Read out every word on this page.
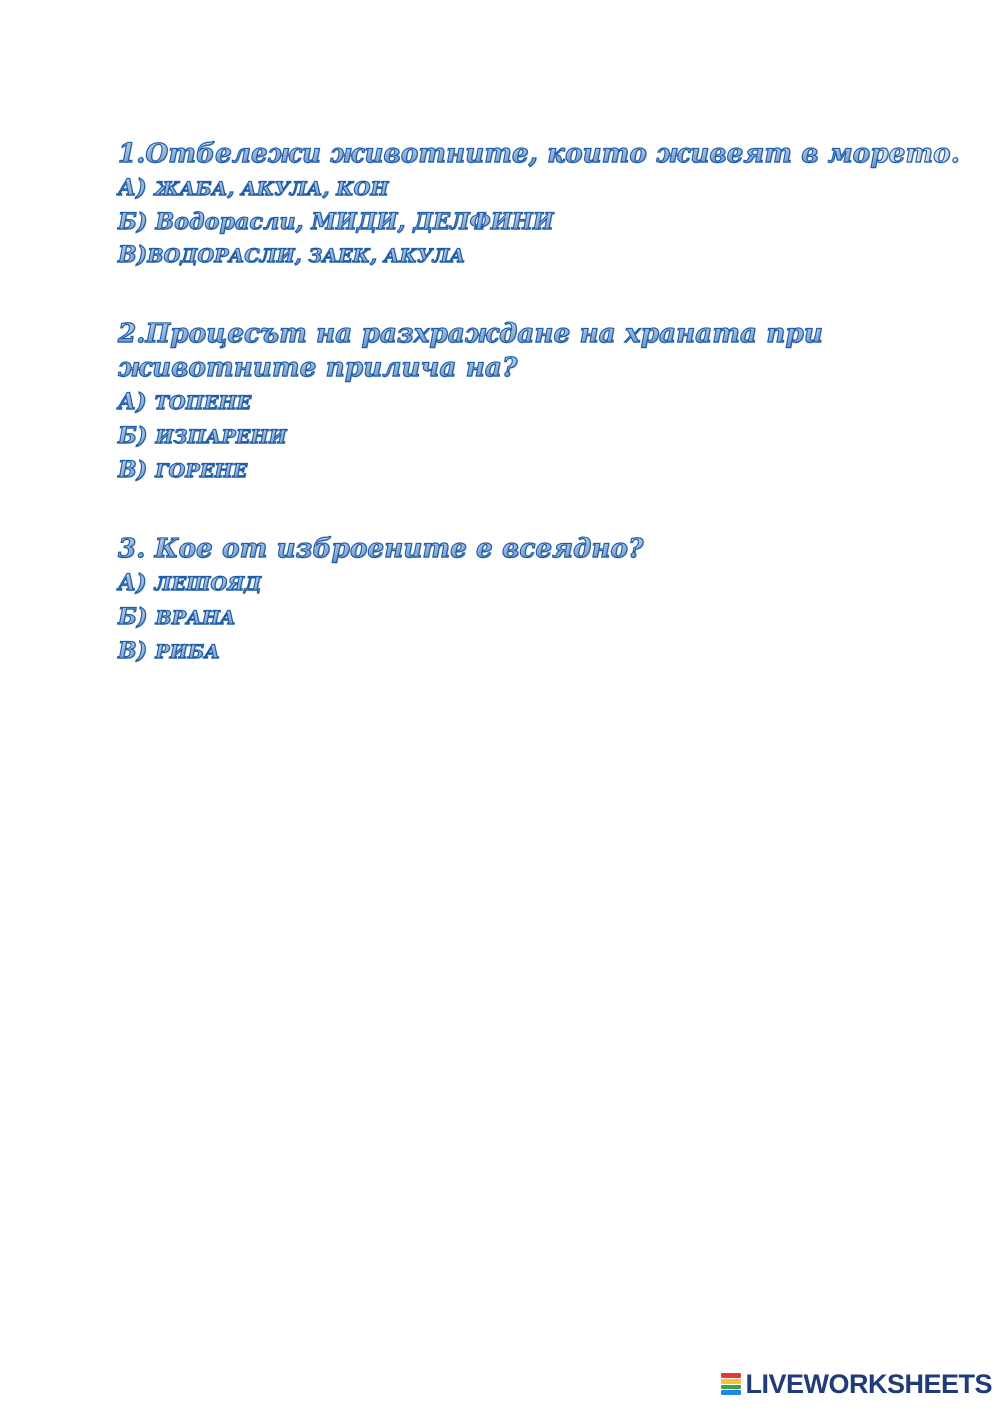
1.Отбележи животните, които живеят в морето.
А) ЖАБА, АКУЛА, КОН
Б) Водорасли, МИДИ, ДЕЛФИНИ
В)ВОДОРАСЛИ, ЗАЕК, АКУЛА
2.Процесът на разхраждане на храната при
животните прилича на?
А) ТОПЕНЕ
Б) ИЗПАРЕНИ
В) ГОРЕНЕ
3. Кое от изброените е всеядно?
А) ЛЕШОЯД
Б) ВРАНА
В) РИБА
LIVEWORKSHEETS
